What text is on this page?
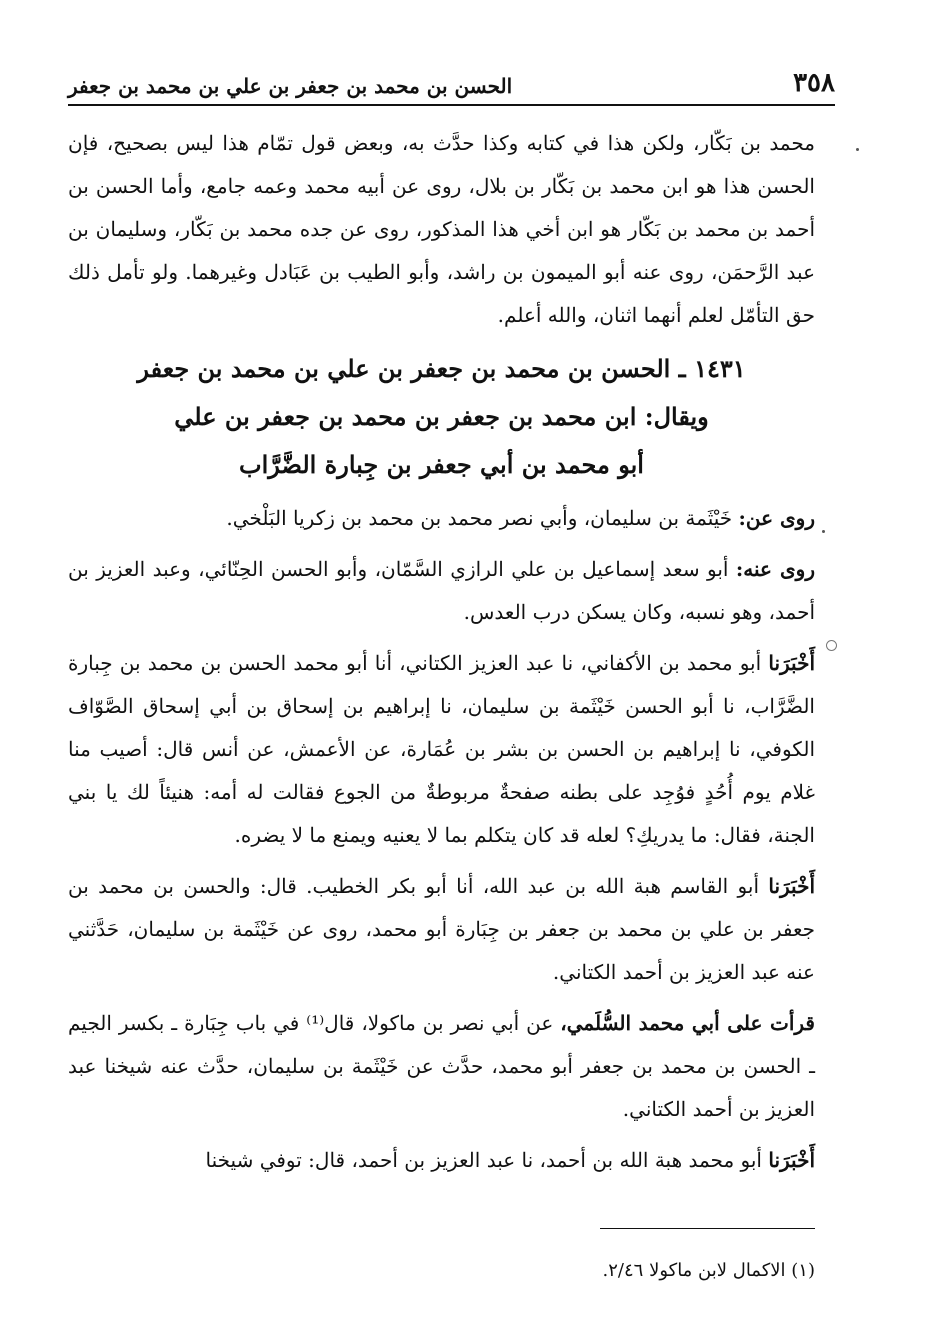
٣٥٨
الحسن بن محمد بن جعفر بن علي بن محمد بن جعفر

محمد بن بَكّار، ولكن هذا في كتابه وكذا حدَّث به، وبعض قول تمّام هذا ليس بصحيح، فإن الحسن هذا هو ابن محمد بن بَكّار بن بلال، روى عن أبيه محمد وعمه جامع، وأما الحسن بن أحمد بن محمد بن بَكّار هو ابن أخي هذا المذكور، روى عن جده محمد بن بَكّار، وسليمان بن عبد الرَّحمَن، روى عنه أبو الميمون بن راشد، وأبو الطيب بن عَبَادل وغيرهما. ولو تأمل ذلك حق التأمّل لعلم أنهما اثنان، والله أعلم.

١٤٣١ ـ الحسن بن محمد بن جعفر بن علي بن محمد بن جعفر

ويقال: ابن محمد بن جعفر بن محمد بن جعفر بن علي

أبو محمد بن أبي جعفر بن جِبارة الضَّرَّاب

روى عن: خَيْثَمة بن سليمان، وأبي نصر محمد بن محمد بن زكريا البَلْخي.

روى عنه: أبو سعد إسماعيل بن علي الرازي السَّمّان، وأبو الحسن الحِنّائي، وعبد العزيز بن أحمد، وهو نسبه، وكان يسكن درب العدس.

أَخْبَرَنا أبو محمد بن الأكفاني، نا عبد العزيز الكتاني، أنا أبو محمد الحسن بن محمد بن جِبارة الضَّرَّاب، نا أبو الحسن خَيْثَمة بن سليمان، نا إبراهيم بن إسحاق بن أبي إسحاق الصَّوّاف الكوفي، نا إبراهيم بن الحسن بن بشر بن عُمَارة، عن الأعمش، عن أنس قال: أصيب منا غلام يوم أُحُدٍ فوُجِد على بطنه صفحةٌ مربوطةٌ من الجوع فقالت له أمه: هنيئاً لك يا بني الجنة، فقال: ما يدريكِ؟ لعله قد كان يتكلم بما لا يعنيه ويمنع ما لا يضره.

أَخْبَرَنا أبو القاسم هبة الله بن عبد الله، أنا أبو بكر الخطيب. قال: والحسن بن محمد بن جعفر بن علي بن محمد بن جعفر بن جِبَارة أبو محمد، روى عن خَيْثَمة بن سليمان، حَدَّثني عنه عبد العزيز بن أحمد الكتاني.

قرأت على أبي محمد السُّلَمي، عن أبي نصر بن ماكولا، قال⁽¹⁾ في باب جِبَارة ـ بكسر الجيم ـ الحسن بن محمد بن جعفر أبو محمد، حدَّث عن خَيْثَمة بن سليمان، حدَّث عنه شيخنا عبد العزيز بن أحمد الكتاني.

أَخْبَرَنا أبو محمد هبة الله بن أحمد، نا عبد العزيز بن أحمد، قال: توفي شيخنا

(١) الاكمال لابن ماكولا ٢/٤٦.
